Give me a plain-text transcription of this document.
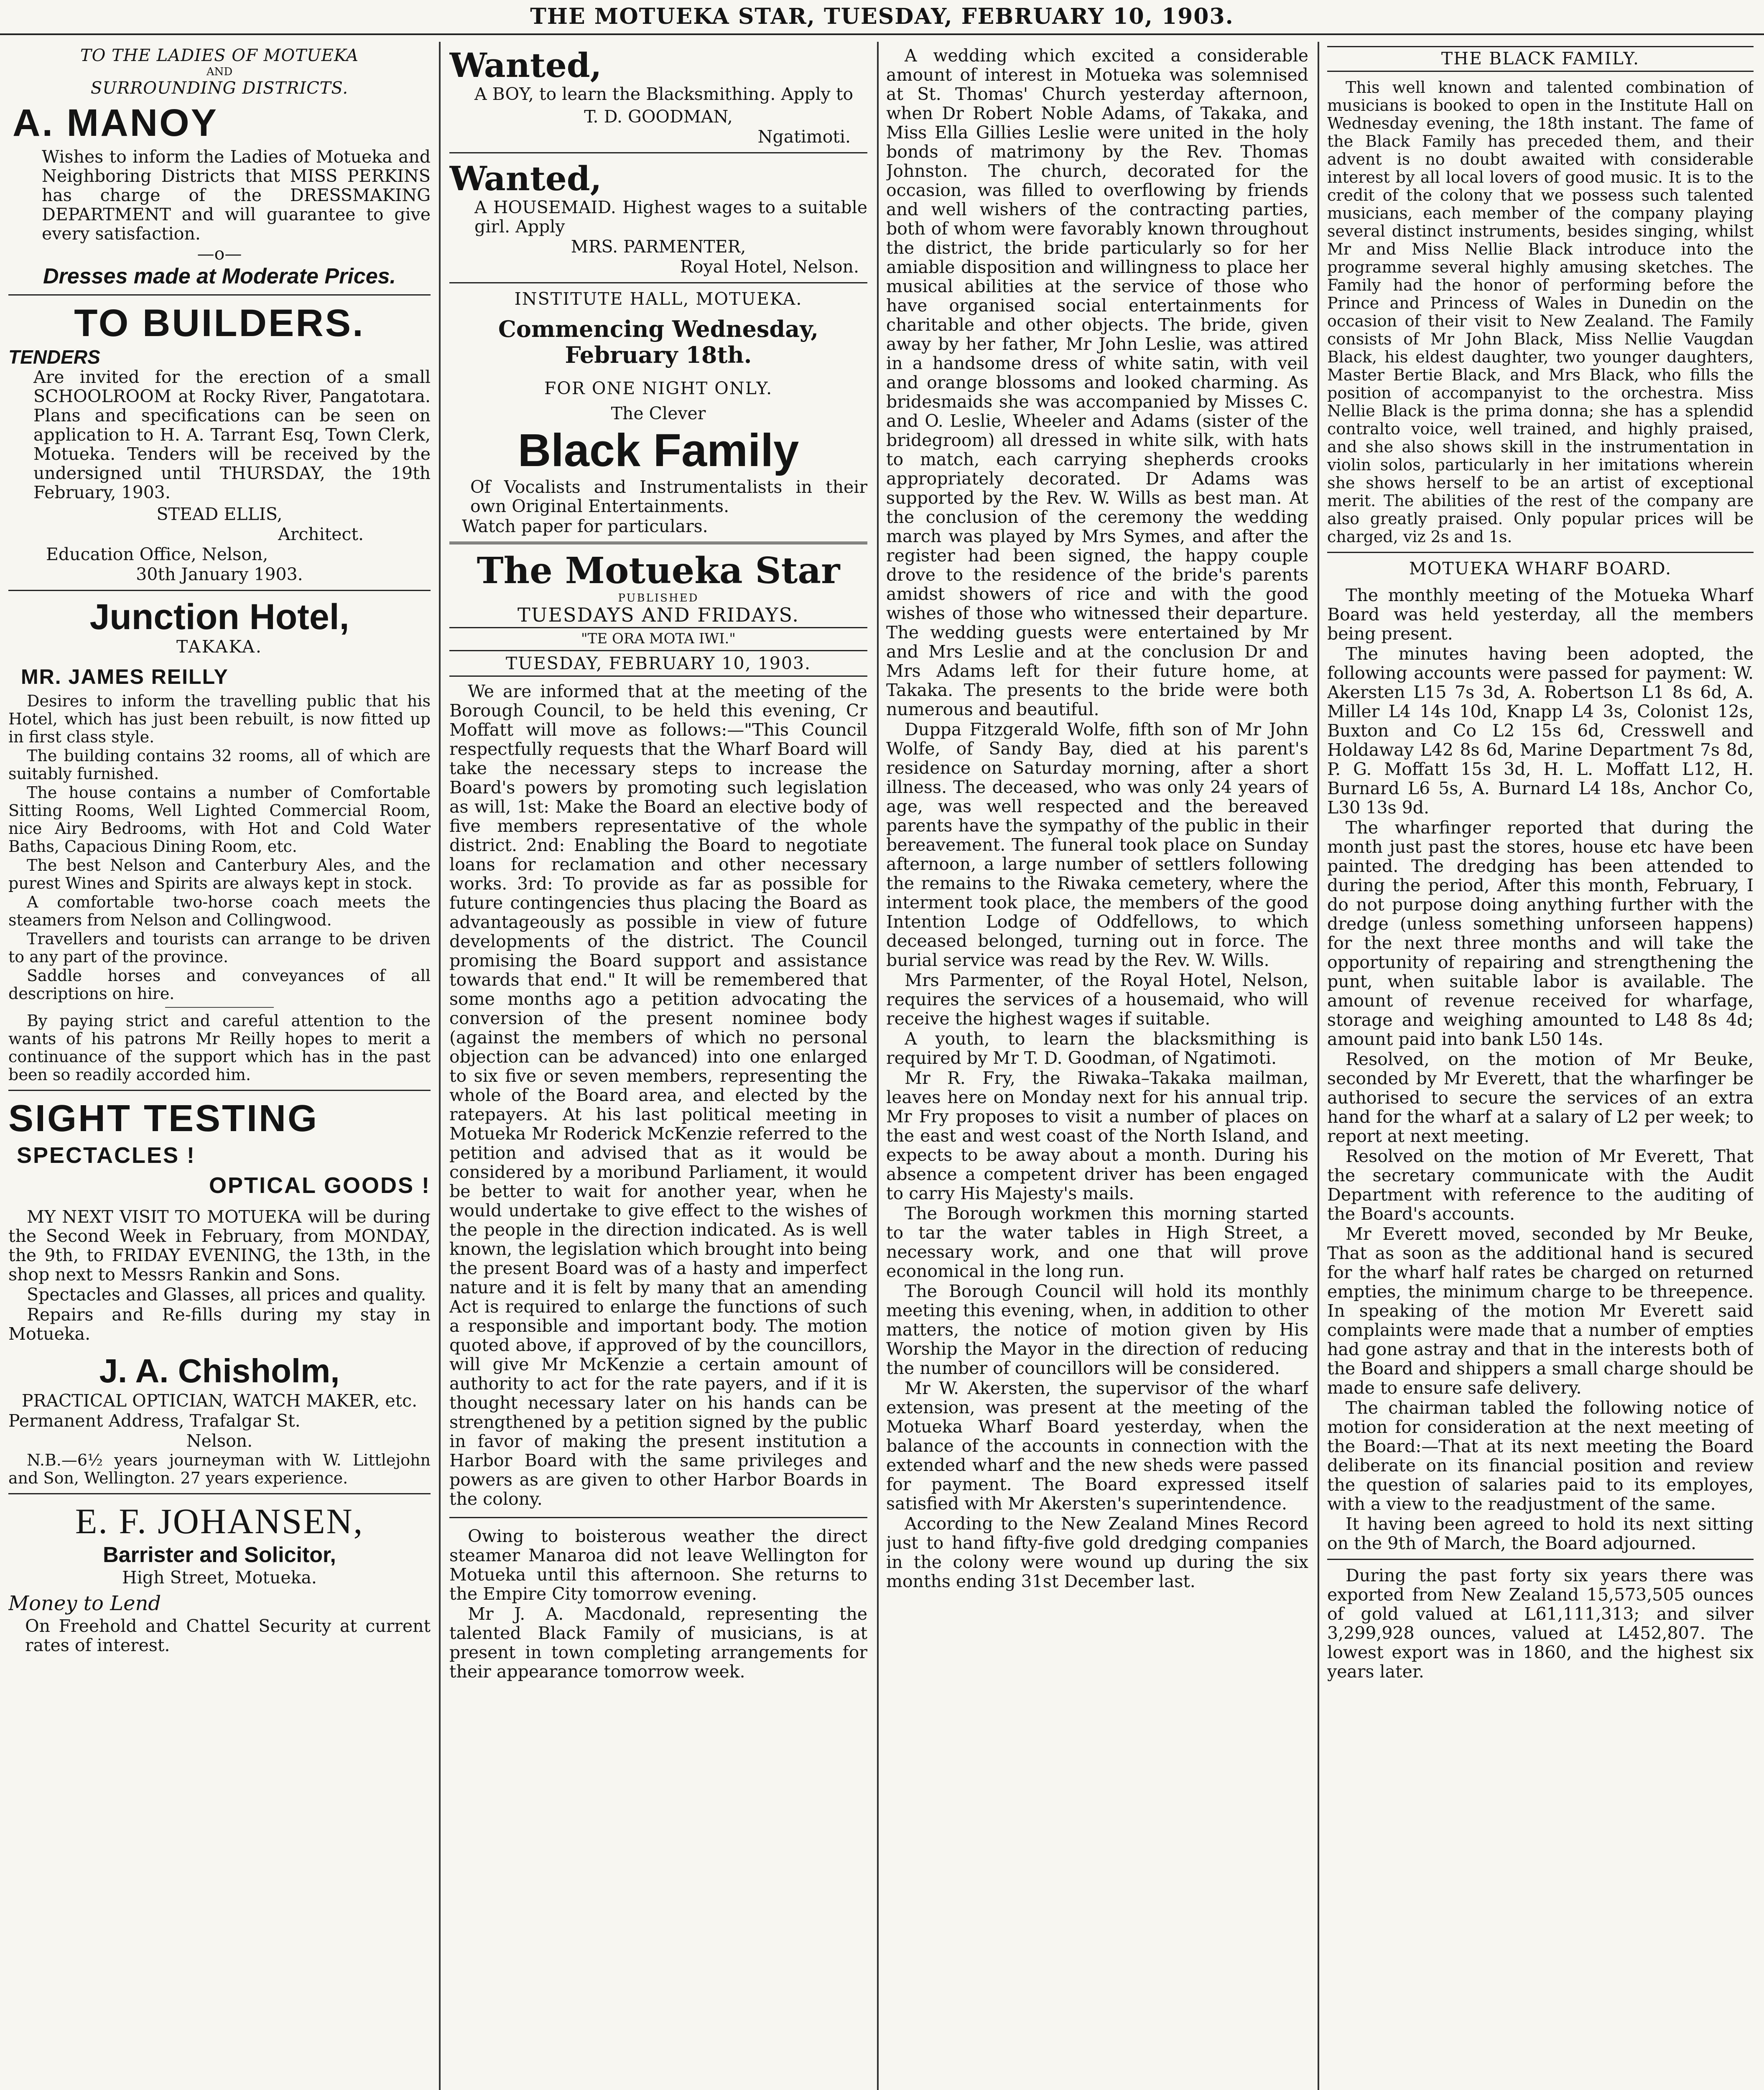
THE MOTUEKA STAR, TUESDAY, FEBRUARY 10, 1903.

TO THE LADIES OF MOTUEKA

AND

SURROUNDING DISTRICTS.

A. MANOY

Wishes to inform the Ladies of Motueka and Neighboring Districts that MISS PERKINS has charge of the DRESSMAKING DEPARTMENT and will guarantee to give every satisfaction.

—o—

Dresses made at Moderate Prices.

TO BUILDERS.

TENDERS

Are invited for the erection of a small SCHOOLROOM at Rocky River, Pangatotara. Plans and specifications can be seen on application to H. A. Tarrant Esq, Town Clerk, Motueka. Tenders will be received by the undersigned until THURSDAY, the 19th February, 1903.

STEAD ELLIS,

Architect.

Education Office, Nelson,

30th January 1903.

Junction Hotel,

TAKAKA.

MR. JAMES REILLY

Desires to inform the travelling public that his Hotel, which has just been rebuilt, is now fitted up in first class style.

The building contains 32 rooms, all of which are suitably furnished.

The house contains a number of Comfortable Sitting Rooms, Well Lighted Commercial Room, nice Airy Bedrooms, with Hot and Cold Water Baths, Capacious Dining Room, etc.

The best Nelson and Canterbury Ales, and the purest Wines and Spirits are always kept in stock.

A comfortable two-horse coach meets the steamers from Nelson and Collingwood.

Travellers and tourists can arrange to be driven to any part of the province.

Saddle horses and conveyances of all descriptions on hire.

By paying strict and careful attention to the wants of his patrons Mr Reilly hopes to merit a continuance of the support which has in the past been so readily accorded him.

SIGHT TESTING
SPECTACLES !
OPTICAL GOODS !

MY NEXT VISIT TO MOTUEKA will be during the Second Week in February, from MONDAY, the 9th, to FRIDAY EVENING, the 13th, in the shop next to Messrs Rankin and Sons.

Spectacles and Glasses, all prices and quality.

Repairs and Re-fills during my stay in Motueka.

J. A. Chisholm,

PRACTICAL OPTICIAN, WATCH MAKER, etc.

Permanent Address, Trafalgar St.

Nelson.

N.B.—6½ years journeyman with W. Littlejohn and Son, Wellington. 27 years experience.

E. F. JOHANSEN,
Barrister and Solicitor,

High Street, Motueka.

Money to Lend

On Freehold and Chattel Security at current rates of interest.

Wanted,

A BOY, to learn the Blacksmithing. Apply to

T. D. GOODMAN,

Ngatimoti.

Wanted,

A HOUSEMAID. Highest wages to a suitable girl. Apply

MRS. PARMENTER,

Royal Hotel, Nelson.

INSTITUTE HALL, MOTUEKA.

Commencing Wednesday,
February 18th.

FOR ONE NIGHT ONLY.

The Clever

Black Family

Of Vocalists and Instrumentalists in their own Original Entertainments.

Watch paper for particulars.

The Motueka Star

PUBLISHED

TUESDAYS AND FRIDAYS.

"TE ORA MOTA IWI."

TUESDAY, FEBRUARY 10, 1903.

We are informed that at the meeting of the Borough Council, to be held this evening, Cr Moffatt will move as follows:—"This Council respectfully requests that the Wharf Board will take the necessary steps to increase the Board's powers by promoting such legislation as will, 1st: Make the Board an elective body of five members representative of the whole district. 2nd: Enabling the Board to negotiate loans for reclamation and other necessary works. 3rd: To provide as far as possible for future contingencies thus placing the Board as advantageously as possible in view of future developments of the district. The Council promising the Board support and assistance towards that end." It will be remembered that some months ago a petition advocating the conversion of the present nominee body (against the members of which no personal objection can be advanced) into one enlarged to six five or seven members, representing the whole of the Board area, and elected by the ratepayers. At his last political meeting in Motueka Mr Roderick McKenzie referred to the petition and advised that as it would be considered by a moribund Parliament, it would be better to wait for another year, when he would undertake to give effect to the wishes of the people in the direction indicated. As is well known, the legislation which brought into being the present Board was of a hasty and imperfect nature and it is felt by many that an amending Act is required to enlarge the functions of such a responsible and important body. The motion quoted above, if approved of by the councillors, will give Mr McKenzie a certain amount of authority to act for the rate payers, and if it is thought necessary later on his hands can be strengthened by a petition signed by the public in favor of making the present institution a Harbor Board with the same privileges and powers as are given to other Harbor Boards in the colony.

Owing to boisterous weather the direct steamer Manaroa did not leave Wellington for Motueka until this afternoon. She returns to the Empire City tomorrow evening.

Mr J. A. Macdonald, representing the talented Black Family of musicians, is at present in town completing arrangements for their appearance tomorrow week.

A wedding which excited a considerable amount of interest in Motueka was solemnised at St. Thomas' Church yesterday afternoon, when Dr Robert Noble Adams, of Takaka, and Miss Ella Gillies Leslie were united in the holy bonds of matrimony by the Rev. Thomas Johnston. The church, decorated for the occasion, was filled to overflowing by friends and well wishers of the contracting parties, both of whom were favorably known throughout the district, the bride particularly so for her amiable disposition and willingness to place her musical abilities at the service of those who have organised social entertainments for charitable and other objects. The bride, given away by her father, Mr John Leslie, was attired in a handsome dress of white satin, with veil and orange blossoms and looked charming. As bridesmaids she was accompanied by Misses C. and O. Leslie, Wheeler and Adams (sister of the bridegroom) all dressed in white silk, with hats to match, each carrying shepherds crooks appropriately decorated. Dr Adams was supported by the Rev. W. Wills as best man. At the conclusion of the ceremony the wedding march was played by Mrs Symes, and after the register had been signed, the happy couple drove to the residence of the bride's parents amidst showers of rice and with the good wishes of those who witnessed their departure. The wedding guests were entertained by Mr and Mrs Leslie and at the conclusion Dr and Mrs Adams left for their future home, at Takaka. The presents to the bride were both numerous and beautiful.

Duppa Fitzgerald Wolfe, fifth son of Mr John Wolfe, of Sandy Bay, died at his parent's residence on Saturday morning, after a short illness. The deceased, who was only 24 years of age, was well respected and the bereaved parents have the sympathy of the public in their bereavement. The funeral took place on Sunday afternoon, a large number of settlers following the remains to the Riwaka cemetery, where the interment took place, the members of the good Intention Lodge of Oddfellows, to which deceased belonged, turning out in force. The burial service was read by the Rev. W. Wills.

Mrs Parmenter, of the Royal Hotel, Nelson, requires the services of a housemaid, who will receive the highest wages if suitable.

A youth, to learn the blacksmithing is required by Mr T. D. Goodman, of Ngatimoti.

Mr R. Fry, the Riwaka–Takaka mailman, leaves here on Monday next for his annual trip. Mr Fry proposes to visit a number of places on the east and west coast of the North Island, and expects to be away about a month. During his absence a competent driver has been engaged to carry His Majesty's mails.

The Borough workmen this morning started to tar the water tables in High Street, a necessary work, and one that will prove economical in the long run.

The Borough Council will hold its monthly meeting this evening, when, in addition to other matters, the notice of motion given by His Worship the Mayor in the direction of reducing the number of councillors will be considered.

Mr W. Akersten, the supervisor of the wharf extension, was present at the meeting of the Motueka Wharf Board yesterday, when the balance of the accounts in connection with the extended wharf and the new sheds were passed for payment. The Board expressed itself satisfied with Mr Akersten's superintendence.

According to the New Zealand Mines Record just to hand fifty-five gold dredging companies in the colony were wound up during the six months ending 31st December last.

THE BLACK FAMILY.

This well known and talented combination of musicians is booked to open in the Institute Hall on Wednesday evening, the 18th instant. The fame of the Black Family has preceded them, and their advent is no doubt awaited with considerable interest by all local lovers of good music. It is to the credit of the colony that we possess such talented musicians, each member of the company playing several distinct instruments, besides singing, whilst Mr and Miss Nellie Black introduce into the programme several highly amusing sketches. The Family had the honor of performing before the Prince and Princess of Wales in Dunedin on the occasion of their visit to New Zealand. The Family consists of Mr John Black, Miss Nellie Vaugdan Black, his eldest daughter, two younger daughters, Master Bertie Black, and Mrs Black, who fills the position of accompanyist to the orchestra. Miss Nellie Black is the prima donna; she has a splendid contralto voice, well trained, and highly praised, and she also shows skill in the instrumentation in violin solos, particularly in her imitations wherein she shows herself to be an artist of exceptional merit. The abilities of the rest of the company are also greatly praised. Only popular prices will be charged, viz 2s and 1s.

MOTUEKA WHARF BOARD.

The monthly meeting of the Motueka Wharf Board was held yesterday, all the members being present.

The minutes having been adopted, the following accounts were passed for payment: W. Akersten L15 7s 3d, A. Robertson L1 8s 6d, A. Miller L4 14s 10d, Knapp L4 3s, Colonist 12s, Buxton and Co L2 15s 6d, Cresswell and Holdaway L42 8s 6d, Marine Department 7s 8d, P. G. Moffatt 15s 3d, H. L. Moffatt L12, H. Burnard L6 5s, A. Burnard L4 18s, Anchor Co, L30 13s 9d.

The wharfinger reported that during the month just past the stores, house etc have been painted. The dredging has been attended to during the period, After this month, February, I do not purpose doing anything further with the dredge (unless something unforseen happens) for the next three months and will take the opportunity of repairing and strengthening the punt, when suitable labor is available. The amount of revenue received for wharfage, storage and weighing amounted to L48 8s 4d; amount paid into bank L50 14s.

Resolved, on the motion of Mr Beuke, seconded by Mr Everett, that the wharfinger be authorised to secure the services of an extra hand for the wharf at a salary of L2 per week; to report at next meeting.

Resolved on the motion of Mr Everett, That the secretary communicate with the Audit Department with reference to the auditing of the Board's accounts.

Mr Everett moved, seconded by Mr Beuke, That as soon as the additional hand is secured for the wharf half rates be charged on returned empties, the minimum charge to be threepence. In speaking of the motion Mr Everett said complaints were made that a number of empties had gone astray and that in the interests both of the Board and shippers a small charge should be made to ensure safe delivery.

The chairman tabled the following notice of motion for consideration at the next meeting of the Board:—That at its next meeting the Board deliberate on its financial position and review the question of salaries paid to its employes, with a view to the readjustment of the same.

It having been agreed to hold its next sitting on the 9th of March, the Board adjourned.

During the past forty six years there was exported from New Zealand 15,573,505 ounces of gold valued at L61,111,313; and silver 3,299,928 ounces, valued at L452,807. The lowest export was in 1860, and the highest six years later.
